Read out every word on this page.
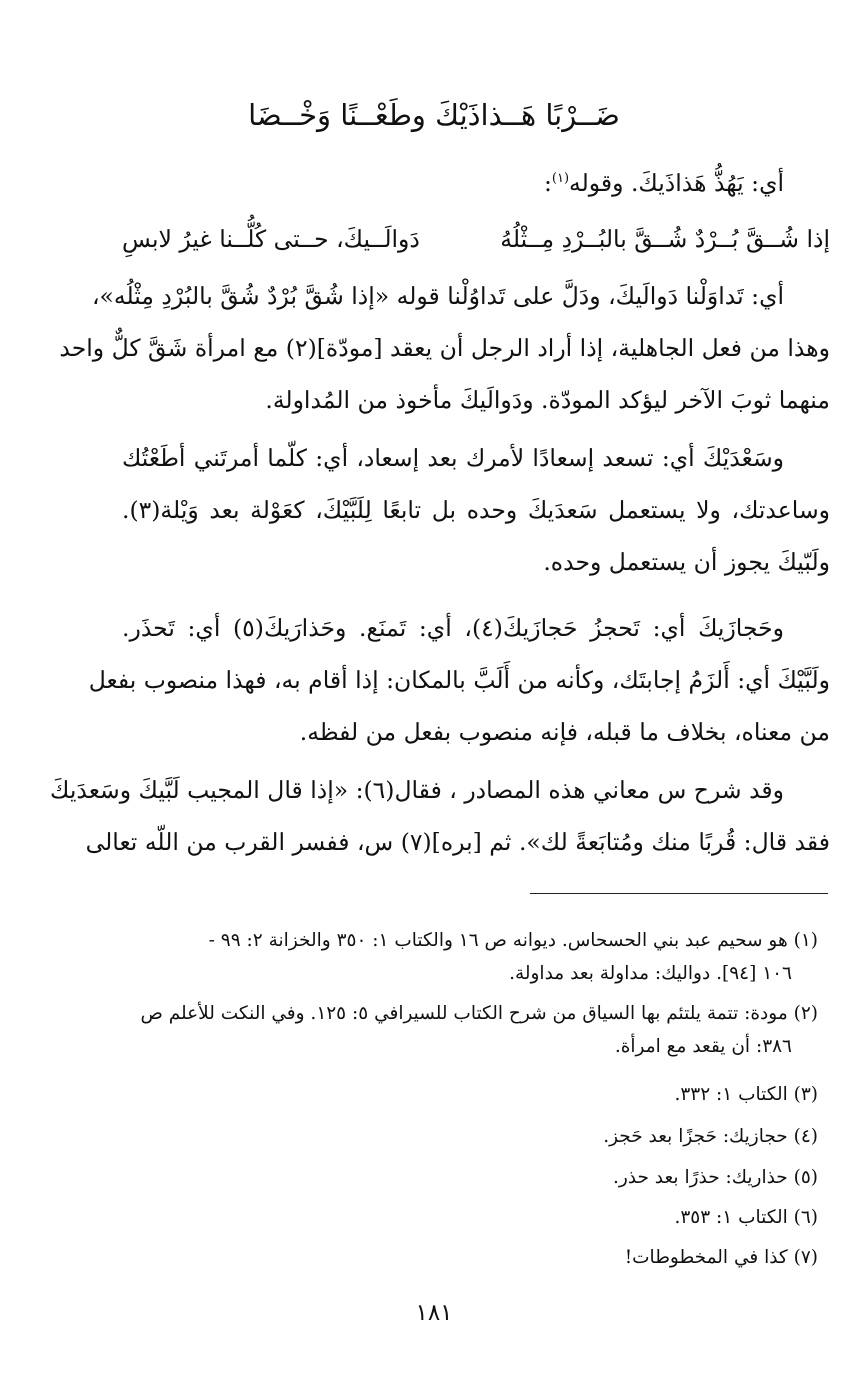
ضَــرْبًا هَــذاذَيْكَ وطَعْــنًا وَخْــضَا
أي: يَهُذُّ هَذاذَيكَ. وقوله$^{(١)}$:
إذا شُــقَّ بُــرْدٌ شُــقَّ بالبُــرْدِ مِــثْلُهُ
دَوالَــيكَ، حــتى كُلُّــنا غيرُ لابسِ
أي: تَداوَلْنا دَوالَيكَ، ودَلَّ على تَداوُلْنا قوله «إذا شُقَّ بُرْدٌ شُقَّ بالبُرْدِ مِثْلُه»،
وهذا من فعل الجاهلية، إذا أراد الرجل أن يعقد [مودّة](٢) مع امرأة شَقَّ كلٌّ واحد
منهما ثوبَ الآخر ليؤكد المودّة. ودَوالَيكَ مأخوذ من المُداولة.
وسَعْدَيْكَ أي: تسعد إسعادًا لأمرك بعد إسعاد، أي: كلّما أمرتَني أطَعْتُك
وساعدتك، ولا يستعمل سَعدَيكَ وحده بل تابعًا لِلَبَّيْكَ، كعَوْلة بعد وَيْلة(٣).
ولَبّيكَ يجوز أن يستعمل وحده.
وحَجازَيكَ أي: تَحجزُ حَجازَيكَ(٤)، أي: تَمنَع. وحَذارَيكَ(٥) أي: تَحذَر.
ولَبَّيْكَ أي: أَلزَمُ إجابتَك، وكأنه من أَلَبَّ بالمكان: إذا أقام به، فهذا منصوب بفعل
من معناه، بخلاف ما قبله، فإنه منصوب بفعل من لفظه.
وقد شرح س معاني هذه المصادر ، فقال(٦): «إذا قال المجيب لَبَّيكَ وسَعدَيكَ
فقد قال: قُربًا منك ومُتابَعةً لك». ثم [بره](٧) س، ففسر القرب من اللّه تعالى
(١) هو سحيم عبد بني الحسحاس. ديوانه ص ١٦ والكتاب ١: ٣٥٠ والخزانة ٢: ٩٩ -
١٠٦ [٩٤]. دواليك: مداولة بعد مداولة.
(٢) مودة: تتمة يلتئم بها السياق من شرح الكتاب للسيرافي ٥: ١٢٥. وفي النكت للأعلم ص
٣٨٦: أن يقعد مع امرأة.
(٣) الكتاب ١: ٣٣٢.
(٤) حجازيك: حَجزًا بعد حَجز.
(٥) حذاريك: حذرًا بعد حذر.
(٦) الكتاب ١: ٣٥٣.
(٧) كذا في المخطوطات!
١٨١
